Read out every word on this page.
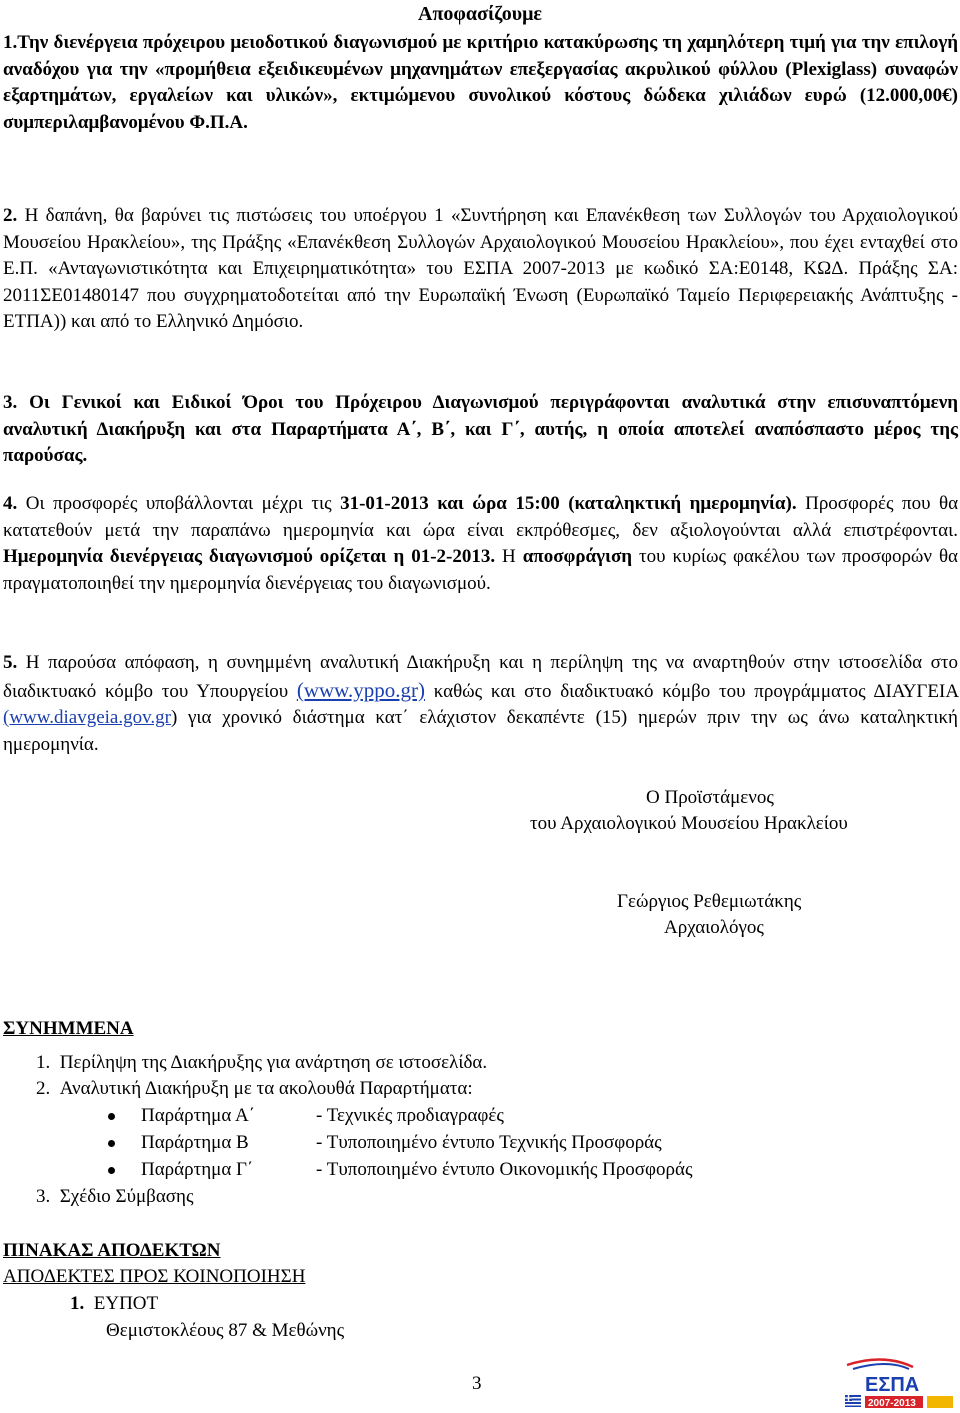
Αποφασίζουμε

1.Την διενέργεια πρόχειρου μειοδοτικού διαγωνισμού με κριτήριο κατακύρωσης τη χαμηλότερη τιμή για την επιλογή αναδόχου για την «προμήθεια εξειδικευμένων μηχανημάτων επεξεργασίας ακρυλικού φύλλου (Plexiglass) συναφών εξαρτημάτων, εργαλείων και υλικών», εκτιμώμενου συνολικού κόστους δώδεκα χιλιάδων ευρώ (12.000,00€) συμπεριλαμβανομένου Φ.Π.Α.

2. Η δαπάνη, θα βαρύνει τις πιστώσεις του υποέργου 1 «Συντήρηση και Επανέκθεση των Συλλογών του Αρχαιολογικού Μουσείου Ηρακλείου», της Πράξης «Επανέκθεση Συλλογών Αρχαιολογικού Μουσείου Ηρακλείου», που έχει ενταχθεί στο Ε.Π. «Ανταγωνιστικότητα και Επιχειρηματικότητα» του ΕΣΠΑ 2007-2013 με κωδικό ΣΑ:Ε0148, ΚΩΔ. Πράξης ΣΑ: 2011ΣΕ01480147 που συγχρηματοδοτείται από την Ευρωπαϊκή Ένωση (Ευρωπαϊκό Ταμείο Περιφερειακής Ανάπτυξης - ΕΤΠΑ)) και από το Ελληνικό Δημόσιο.

3. Οι Γενικοί και Ειδικοί Όροι του Πρόχειρου Διαγωνισμού περιγράφονται αναλυτικά στην επισυναπτόμενη αναλυτική Διακήρυξη και στα Παραρτήματα Α΄, Β΄, και Γ΄, αυτής, η οποία αποτελεί αναπόσπαστο μέρος της παρούσας.

4. Οι προσφορές υποβάλλονται μέχρι τις 31-01-2013 και ώρα 15:00 (καταληκτική ημερομηνία). Προσφορές που θα κατατεθούν μετά την παραπάνω ημερομηνία και ώρα είναι εκπρόθεσμες, δεν αξιολογούνται αλλά επιστρέφονται. Ημερομηνία διενέργειας διαγωνισμού ορίζεται η 01-2-2013. Η αποσφράγιση του κυρίως φακέλου των προσφορών θα πραγματοποιηθεί την ημερομηνία διενέργειας του διαγωνισμού.

5. Η παρούσα απόφαση, η συνημμένη αναλυτική Διακήρυξη και η περίληψη της να αναρτηθούν στην ιστοσελίδα στο διαδικτυακό κόμβο του Υπουργείου (www.yppo.gr) καθώς και στο διαδικτυακό κόμβο του προγράμματος ΔΙΑΥΓΕΙΑ (www.diavgeia.gov.gr) για χρονικό διάστημα κατ΄ ελάχιστον δεκαπέντε (15) ημερών πριν την ως άνω καταληκτική ημερομηνία.

Ο Προϊστάμενος
του Αρχαιολογικού Μουσείου Ηρακλείου
Γεώργιος Ρεθεμιωτάκης
Αρχαιολόγος
ΣΥΝΗΜΜΕΝΑ
1. Περίληψη της Διακήρυξης για ανάρτηση σε ιστοσελίδα.
2. Αναλυτική Διακήρυξη με τα ακολουθά Παραρτήματα:
Παράρτημα Α΄	- Τεχνικές προδιαγραφές
Παράρτημα Β	- Τυποποιημένο έντυπο Τεχνικής Προσφοράς
Παράρτημα Γ΄	- Τυποποιημένο έντυπο Οικονομικής Προσφοράς
3. Σχέδιο Σύμβασης
ΠΙΝΑΚΑΣ ΑΠΟΔΕΚΤΩΝ
ΑΠΟΔΕΚΤΕΣ ΠΡΟΣ ΚΟΙΝΟΠΟΙΗΣΗ
1. ΕΥΠΟΤ
Θεμιστοκλέους 87 & Μεθώνης
3	ΕΣΠΑ
2007-2013
